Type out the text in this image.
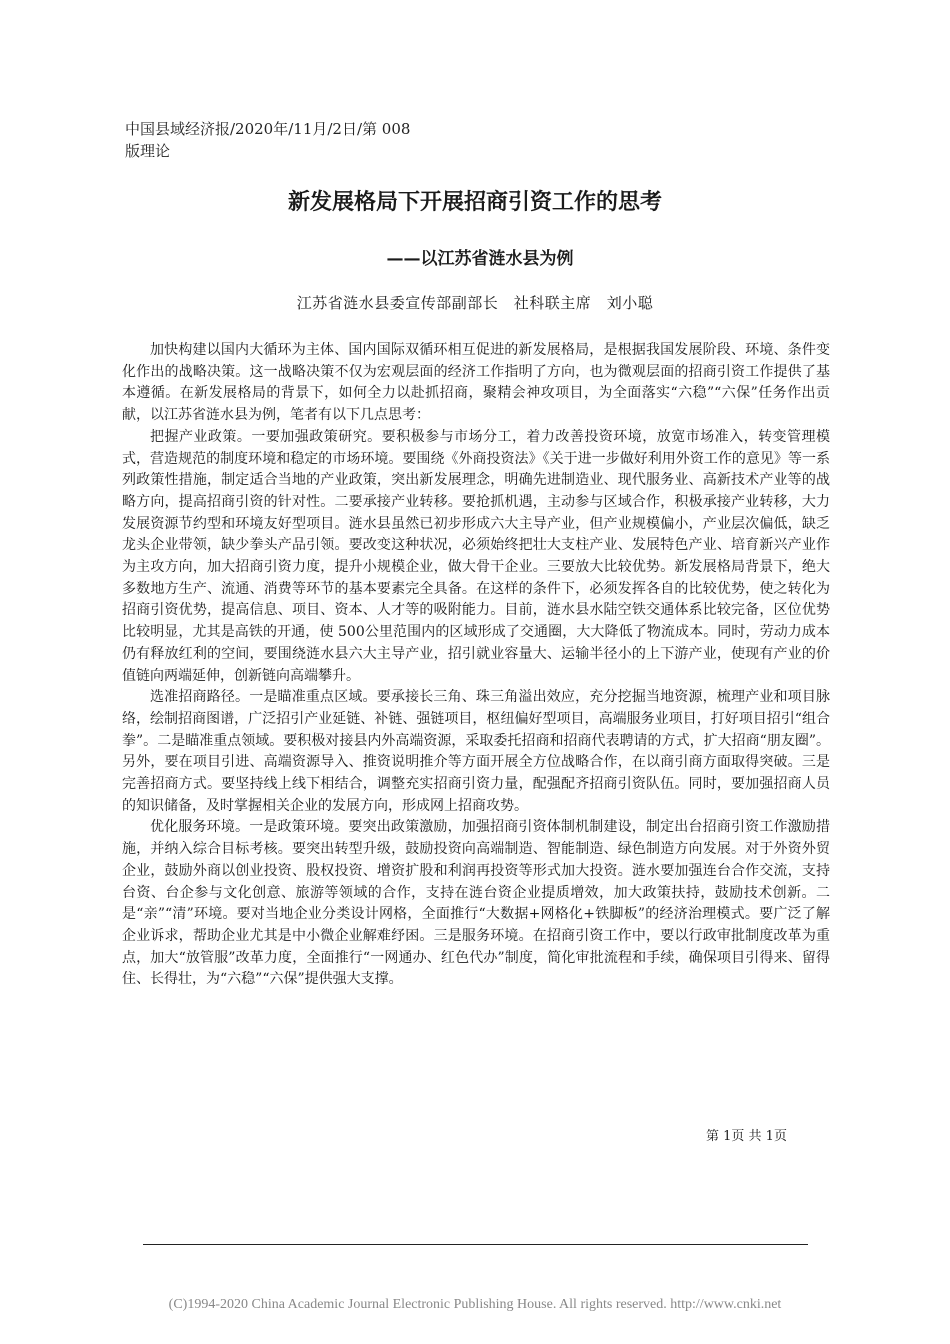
中国县域经济报/2020年/11月/2日/第 008版理论
新发展格局下开展招商引资工作的思考
——以江苏省涟水县为例
江苏省涟水县委宣传部副部长　社科联主席　刘小聪

加快构建以国内大循环为主体、国内国际双循环相互促进的新发展格局，是根据我国发展阶段、环境、条件变化作出的战略决策。这一战略决策不仅为宏观层面的经济工作指明了方向，也为微观层面的招商引资工作提供了基本遵循。在新发展格局的背景下，如何全力以赴抓招商，聚精会神攻项目，为全面落实“六稳”“六保”任务作出贡献，以江苏省涟水县为例，笔者有以下几点思考：

把握产业政策。一要加强政策研究。要积极参与市场分工，着力改善投资环境，放宽市场准入，转变管理模式，营造规范的制度环境和稳定的市场环境。要围绕《外商投资法》《关于进一步做好利用外资工作的意见》等一系列政策性措施，制定适合当地的产业政策，突出新发展理念，明确先进制造业、现代服务业、高新技术产业等的战略方向，提高招商引资的针对性。二要承接产业转移。要抢抓机遇，主动参与区域合作，积极承接产业转移，大力发展资源节约型和环境友好型项目。涟水县虽然已初步形成六大主导产业，但产业规模偏小，产业层次偏低，缺乏龙头企业带领，缺少拳头产品引领。要改变这种状况，必须始终把壮大支柱产业、发展特色产业、培育新兴产业作为主攻方向，加大招商引资力度，提升小规模企业，做大骨干企业。三要放大比较优势。新发展格局背景下，绝大多数地方生产、流通、消费等环节的基本要素完全具备。在这样的条件下，必须发挥各自的比较优势，使之转化为招商引资优势，提高信息、项目、资本、人才等的吸附能力。目前，涟水县水陆空铁交通体系比较完备，区位优势比较明显，尤其是高铁的开通，使 500公里范围内的区域形成了交通圈，大大降低了物流成本。同时，劳动力成本仍有释放红利的空间，要围绕涟水县六大主导产业，招引就业容量大、运输半径小的上下游产业，使现有产业的价值链向两端延伸，创新链向高端攀升。

选准招商路径。一是瞄准重点区域。要承接长三角、珠三角溢出效应，充分挖掘当地资源，梳理产业和项目脉络，绘制招商图谱，广泛招引产业延链、补链、强链项目，枢纽偏好型项目，高端服务业项目，打好项目招引“组合拳”。二是瞄准重点领域。要积极对接县内外高端资源，采取委托招商和招商代表聘请的方式，扩大招商“朋友圈”。另外，要在项目引进、高端资源导入、推资说明推介等方面开展全方位战略合作，在以商引商方面取得突破。三是完善招商方式。要坚持线上线下相结合，调整充实招商引资力量，配强配齐招商引资队伍。同时，要加强招商人员的知识储备，及时掌握相关企业的发展方向，形成网上招商攻势。

优化服务环境。一是政策环境。要突出政策激励，加强招商引资体制机制建设，制定出台招商引资工作激励措施，并纳入综合目标考核。要突出转型升级，鼓励投资向高端制造、智能制造、绿色制造方向发展。对于外资外贸企业，鼓励外商以创业投资、股权投资、增资扩股和利润再投资等形式加大投资。涟水要加强连台合作交流，支持台资、台企参与文化创意、旅游等领域的合作，支持在涟台资企业提质增效，加大政策扶持，鼓励技术创新。二是“亲”“清”环境。要对当地企业分类设计网格，全面推行“大数据+网格化+铁脚板”的经济治理模式。要广泛了解企业诉求，帮助企业尤其是中小微企业解难纾困。三是服务环境。在招商引资工作中，要以行政审批制度改革为重点，加大“放管服”改革力度，全面推行“一网通办、红色代办”制度，简化审批流程和手续，确保项目引得来、留得住、长得壮，为“六稳”“六保”提供强大支撑。

第 1页 共 1页
(C)1994-2020 China Academic Journal Electronic Publishing House. All rights reserved. http://www.cnki.net
